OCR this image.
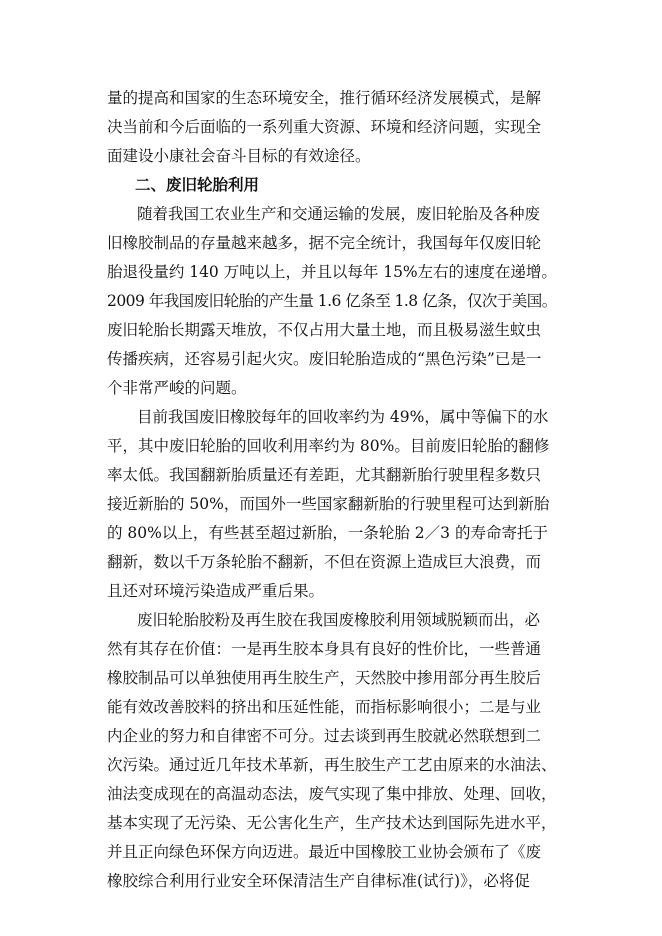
量的提高和国家的生态环境安全，推行循环经济发展模式，是解
决当前和今后面临的一系列重大资源、环境和经济问题，实现全
面建设小康社会奋斗目标的有效途径。
二、废旧轮胎利用
随着我国工农业生产和交通运输的发展，废旧轮胎及各种废
旧橡胶制品的存量越来越多，据不完全统计，我国每年仅废旧轮
胎退役量约 140 万吨以上，并且以每年 15%左右的速度在递增。
2009 年我国废旧轮胎的产生量 1.6 亿条至 1.8 亿条，仅次于美国。
废旧轮胎长期露天堆放，不仅占用大量土地，而且极易滋生蚊虫
传播疾病，还容易引起火灾。废旧轮胎造成的“黑色污染”已是一
个非常严峻的问题。
目前我国废旧橡胶每年的回收率约为 49%，属中等偏下的水
平，其中废旧轮胎的回收利用率约为 80%。目前废旧轮胎的翻修
率太低。我国翻新胎质量还有差距，尤其翻新胎行驶里程多数只
接近新胎的 50%，而国外一些国家翻新胎的行驶里程可达到新胎
的 80%以上，有些甚至超过新胎，一条轮胎 2／3 的寿命寄托于
翻新，数以千万条轮胎不翻新，不但在资源上造成巨大浪费，而
且还对环境污染造成严重后果。
废旧轮胎胶粉及再生胶在我国废橡胶利用领域脱颖而出，必
然有其存在价值：一是再生胶本身具有良好的性价比，一些普通
橡胶制品可以单独使用再生胶生产，天然胶中掺用部分再生胶后
能有效改善胶料的挤出和压延性能，而指标影响很小；二是与业
内企业的努力和自律密不可分。过去谈到再生胶就必然联想到二
次污染。通过近几年技术革新，再生胶生产工艺由原来的水油法、
油法变成现在的高温动态法，废气实现了集中排放、处理、回收，
基本实现了无污染、无公害化生产，生产技术达到国际先进水平，
并且正向绿色环保方向迈进。最近中国橡胶工业协会颁布了《废
橡胶综合利用行业安全环保清洁生产自律标准(试行)》，必将促
